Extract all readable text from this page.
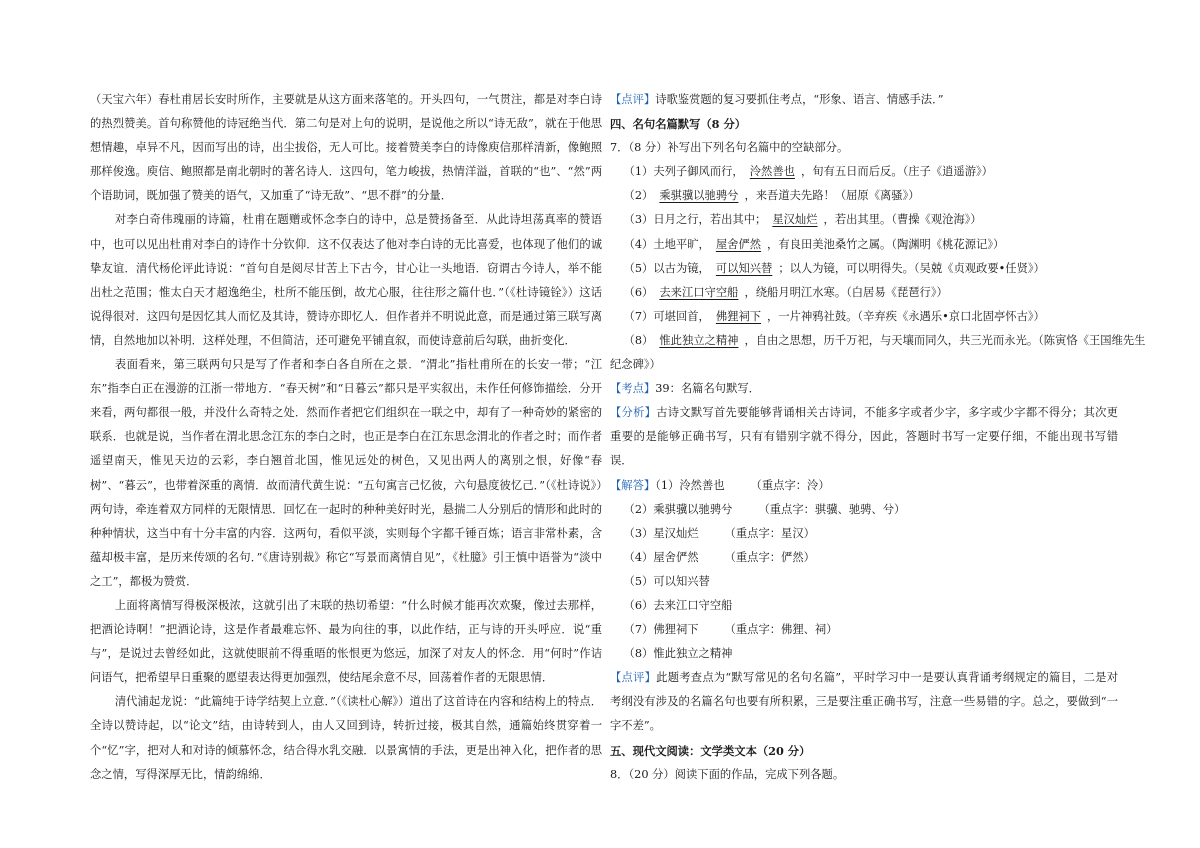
（天宝六年）春杜甫居长安时所作，主要就是从这方面来落笔的。开头四句，一气贯注，都是对李白诗的热烈赞美。首句称赞他的诗冠绝当代．第二句是对上句的说明，是说他之所以“诗无敌”，就在于他思想情趣，卓异不凡，因而写出的诗，出尘拔俗，无人可比。接着赞美李白的诗像庾信那样清新，像鲍照那样俊逸。庾信、鲍照都是南北朝时的著名诗人．这四句，笔力峻拔，热情洋溢，首联的“也”、“然”两个语助词，既加强了赞美的语气，又加重了“诗无敌”、“思不群”的分量．

对李白奇伟瑰丽的诗篇，杜甫在题赠或怀念李白的诗中，总是赞扬备至．从此诗坦荡真率的赞语中，也可以见出杜甫对李白的诗作十分钦仰．这不仅表达了他对李白诗的无比喜爱，也体现了他们的诚挚友谊．清代杨伦评此诗说：“首句自是阅尽甘苦上下古今，甘心让一头地语．窃谓古今诗人，举不能出杜之范围；惟太白天才超逸绝尘，杜所不能压倒，故尤心服，往往形之篇什也．”（《杜诗镜铨》）这话说得很对．这四句是因忆其人而忆及其诗，赞诗亦即忆人．但作者并不明说此意，而是通过第三联写离情，自然地加以补明．这样处理，不但简洁，还可避免平铺直叙，而使诗意前后勾联，曲折变化．

表面看来，第三联两句只是写了作者和李白各自所在之景．“渭北”指杜甫所在的长安一带；“江东”指李白正在漫游的江浙一带地方．“春天树”和“日暮云”都只是平实叙出，未作任何修饰描绘．分开来看，两句都很一般，并没什么奇特之处．然而作者把它们组织在一联之中，却有了一种奇妙的紧密的联系．也就是说，当作者在渭北思念江东的李白之时，也正是李白在江东思念渭北的作者之时；而作者遥望南天，惟见天边的云彩，李白翘首北国，惟见远处的树色，又见出两人的离别之恨，好像“春树”、“暮云”，也带着深重的离情．故而清代黄生说：“五句寓言己忆彼，六句悬度彼忆己．”（《杜诗说》）两句诗，牵连着双方同样的无限情思．回忆在一起时的种种美好时光，悬揣二人分别后的情形和此时的种种情状，这当中有十分丰富的内容．这两句，看似平淡，实则每个字都千锤百炼；语言非常朴素，含蕴却极丰富，是历来传颂的名句．”《唐诗别裁》称它“写景而离情自见”，《杜臆》引王慎中语誉为“淡中之工”，都极为赞赏．

上面将离情写得极深极浓，这就引出了末联的热切希望：“什么时候才能再次欢聚，像过去那样，把酒论诗啊！”把酒论诗，这是作者最难忘怀、最为向往的事，以此作结，正与诗的开头呼应．说“重与”，是说过去曾经如此，这就使眼前不得重晤的怅恨更为悠远，加深了对友人的怀念．用“何时”作诘问语气，把希望早日重聚的愿望表达得更加强烈，使结尾余意不尽，回荡着作者的无限思情．

清代浦起龙说：“此篇纯于诗学结契上立意．”（《读杜心解》）道出了这首诗在内容和结构上的特点．全诗以赞诗起，以“论文”结，由诗转到人，由人又回到诗，转折过接，极其自然，通篇始终贯穿着一个“忆”字，把对人和对诗的倾慕怀念，结合得水乳交融．以景寓情的手法，更是出神入化，把作者的思念之情，写得深厚无比，情韵绵绵．

【点评】诗歌鉴赏题的复习要抓住考点，“形象、语言、情感手法．”

四、名句名篇默写（8 分）

7．（8 分）补写出下列名句名篇中的空缺部分。

（1）夫列子御风而行， 泠然善也 ，旬有五日而后反。（庄子《逍遥游》）

（2） 乘骐骥以驰骋兮 ，来吾道夫先路！（屈原《离骚》）

（3）日月之行，若出其中； 星汉灿烂 ，若出其里。（曹操《观沧海》）

（4）土地平旷， 屋舍俨然 ，有良田美池桑竹之属。（陶渊明《桃花源记》）

（5）以古为镜， 可以知兴替 ；以人为镜，可以明得失。（吴兢《贞观政要•任贤》）

（6） 去来江口守空船 ，绕船月明江水寒。（白居易《琵琶行》）

（7）可堪回首， 佛狸祠下 ，一片神鸦社鼓。（辛弃疾《永遇乐•京口北固亭怀古》）

（8） 惟此独立之精神 ，自由之思想，历千万祀，与天壤而同久，共三光而永光。（陈寅恪《王国维先生

纪念碑》）

【考点】39：名篇名句默写．

【分析】古诗文默写首先要能够背诵相关古诗词，不能多字或者少字，多字或少字都不得分；其次更重要的是能够正确书写，只有有错别字就不得分，因此，答题时书写一定要仔细，不能出现书写错误．

【解答】（1）泠然善也 （重点字：泠）

（2）乘骐骥以驰骋兮 （重点字：骐骥、驰骋、兮）

（3）星汉灿烂 （重点字：星汉）

（4）屋舍俨然 （重点字：俨然）

（5）可以知兴替

（6）去来江口守空船

（7）佛狸祠下 （重点字：佛狸、祠）

（8）惟此独立之精神

【点评】此题考查点为“默写常见的名句名篇”，平时学习中一是要认真背诵考纲规定的篇目，二是对考纲没有涉及的名篇名句也要有所积累，三是要注重正确书写，注意一些易错的字。总之，要做到“一字不差”。

五、现代文阅读：文学类文本（20 分）

8．（20 分）阅读下面的作品，完成下列各题。
